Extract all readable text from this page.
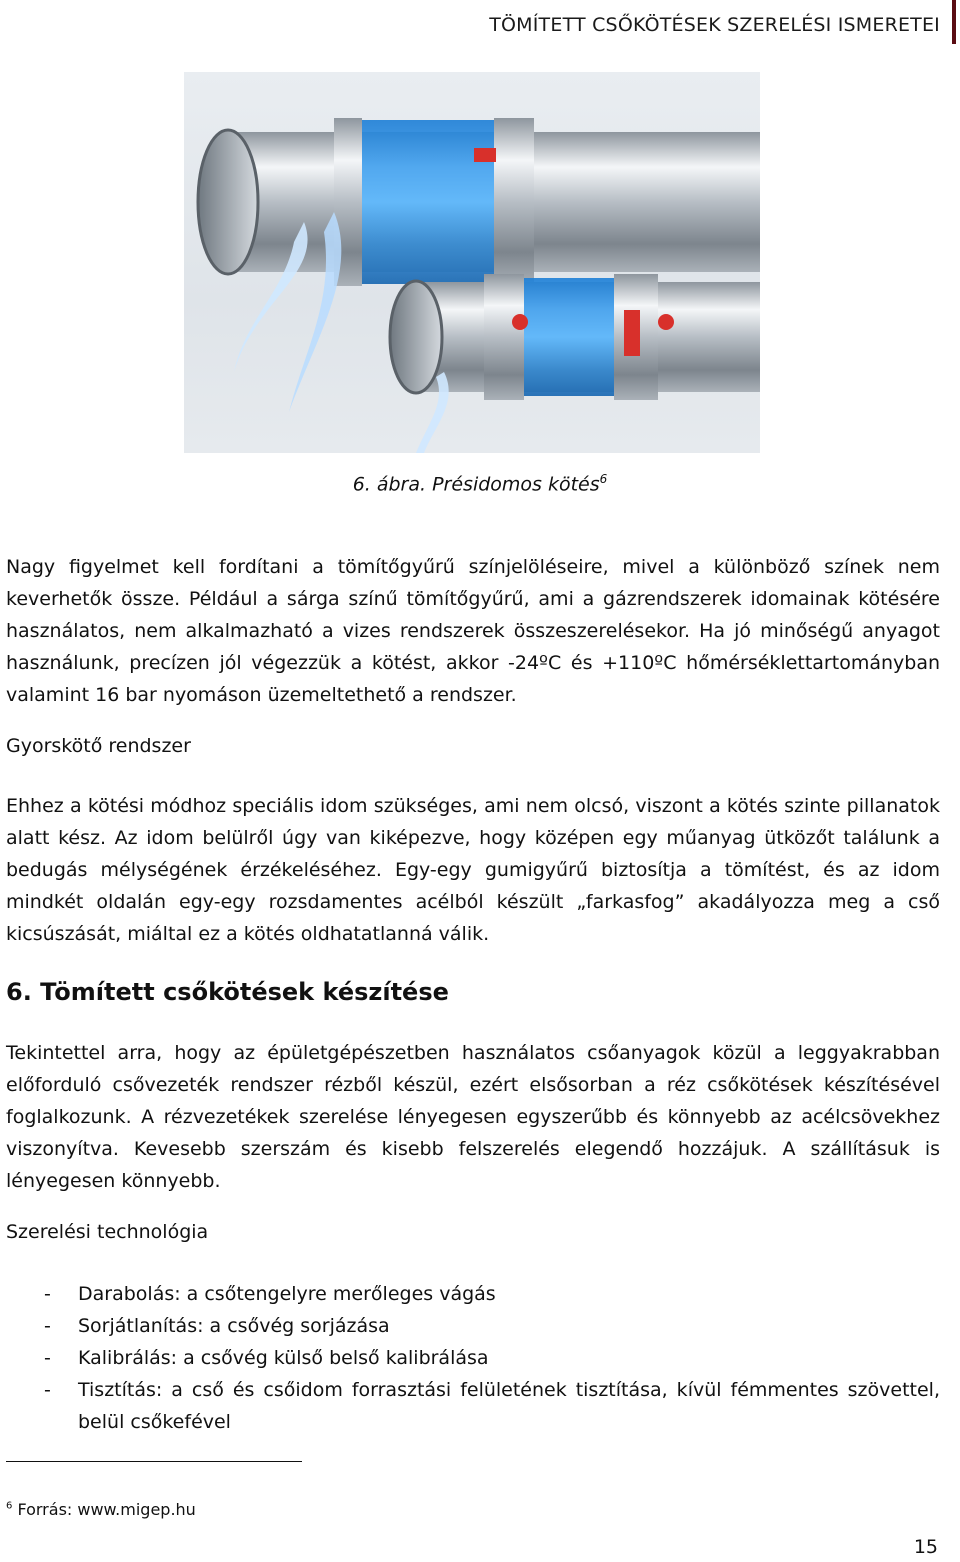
TÖMÍTETT CSŐKÖTÉSEK SZERELÉSI ISMERETEI
6. ábra. Présidomos kötés$^6$

Nagy figyelmet kell fordítani a tömítőgyűrű színjelöléseire, mivel a különböző színek nem keverhetők össze. Például a sárga színű tömítőgyűrű, ami a gázrendszerek idomainak kötésére használatos, nem alkalmazható a vizes rendszerek összeszerelésekor. Ha jó minőségű anyagot használunk, precízen jól végezzük a kötést, akkor -24ºC és +110ºC hőmérséklettartományban valamint 16 bar nyomáson üzemeltethető a rendszer.

Gyorskötő rendszer

Ehhez a kötési módhoz speciális idom szükséges, ami nem olcsó, viszont a kötés szinte pillanatok alatt kész. Az idom belülről úgy van kiképezve, hogy középen egy műanyag ütközőt találunk a bedugás mélységének érzékeléséhez. Egy-egy gumigyűrű biztosítja a tömítést, és az idom mindkét oldalán egy-egy rozsdamentes acélból készült „farkasfog” akadályozza meg a cső kicsúszását, miáltal ez a kötés oldhatatlanná válik.

6. Tömített csőkötések készítése

Tekintettel arra, hogy az épületgépészetben használatos csőanyagok közül a leggyakrabban előforduló csővezeték rendszer rézből készül, ezért elsősorban a réz csőkötések készítésével foglalkozunk. A rézvezetékek szerelése lényegesen egyszerűbb és könnyebb az acélcsövekhez viszonyítva. Kevesebb szerszám és kisebb felszerelés elegendő hozzájuk. A szállításuk is lényegesen könnyebb.

Szerelési technológia

- Darabolás: a csőtengelyre merőleges vágás
- Sorjátlanítás: a csővég sorjázása
- Kalibrálás: a csővég külső belső kalibrálása
- Tisztítás: a cső és csőidom forrasztási felületének tisztítása, kívül fémmentes szövettel, belül csőkefével
$^6$ Forrás: www.migep.hu
15
